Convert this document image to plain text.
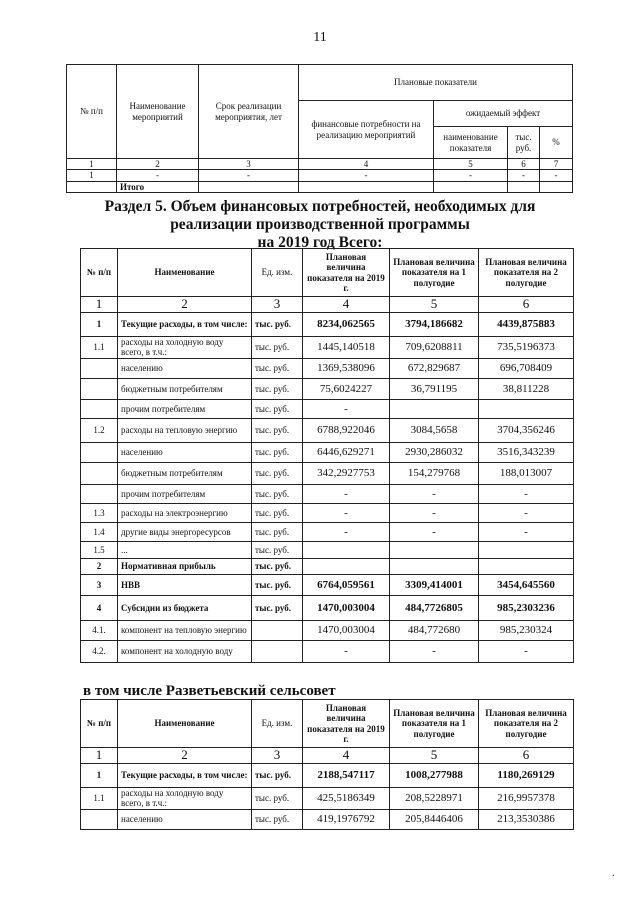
11
№ п/п	Наименование мероприятий	Срок реализации мероприятия, лет	Плановые показатели			
			финансовые потребности на реализацию мероприятий	ожидаемый эффект		
				наименование показателя	тыс. руб.	%
1	2	3	4	5	6	7
1	-	-	-	-	-	-
	Итого					
Раздел 5. Объем финансовых потребностей, необходимых для
реализации производственной программы
на 2019 год Всего:
№ п/п	Наименование	Ед. изм.	Плановая величина показателя на 2019 г.	Плановая величина показателя на 1 полугодие	Плановая величина показателя на 2 полугодие
1	2	3	4	5	6
1	Текущие расходы, в том числе:	тыс. руб.	8234,062565	3794,186682	4439,875883
1.1	расходы на холодную воду всего, в т.ч.:	тыс. руб.	1445,140518	709,6208811	735,5196373
	населению	тыс. руб.	1369,538096	672,829687	696,708409
	бюджетным потребителям	тыс. руб.	75,6024227	36,791195	38,811228
	прочим потребителям	тыс. руб.	-		
1.2	расходы на тепловую энергию	тыс. руб.	6788,922046	3084,5658	3704,356246
	населению	тыс. руб.	6446,629271	2930,286032	3516,343239
	бюджетным потребителям	тыс. руб.	342,2927753	154,279768	188,013007
	прочим потребителям	тыс. руб.	-	-	-
1.3	расходы на электроэнергию	тыс. руб.	-	-	-
1.4	другие виды энергоресурсов	тыс. руб.	-	-	-
1.5	...	тыс. руб.			
2	Нормативная прибыль	тыс. руб.			
3	НВВ	тыс. руб.	6764,059561	3309,414001	3454,645560
4	Субсидии из бюджета	тыс. руб.	1470,003004	484,7726805	985,2303236
4.1.	компонент на тепловую энергию		1470,003004	484,772680	985,230324
4.2.	компонент на холодную воду		-	-	-
в том числе Разветьевский сельсовет
№ п/п	Наименование	Ед. изм.	Плановая величина показателя на 2019 г.	Плановая величина показателя на 1 полугодие	Плановая величина показателя на 2 полугодие
1	2	3	4	5	6
1	Текущие расходы, в том числе:	тыс. руб.	2188,547117	1008,277988	1180,269129
1.1	расходы на холодную воду всего, в т.ч.:	тыс. руб.	425,5186349	208,5228971	216,9957378
	населению	тыс. руб.	419,1976792	205,8446406	213,3530386
.
